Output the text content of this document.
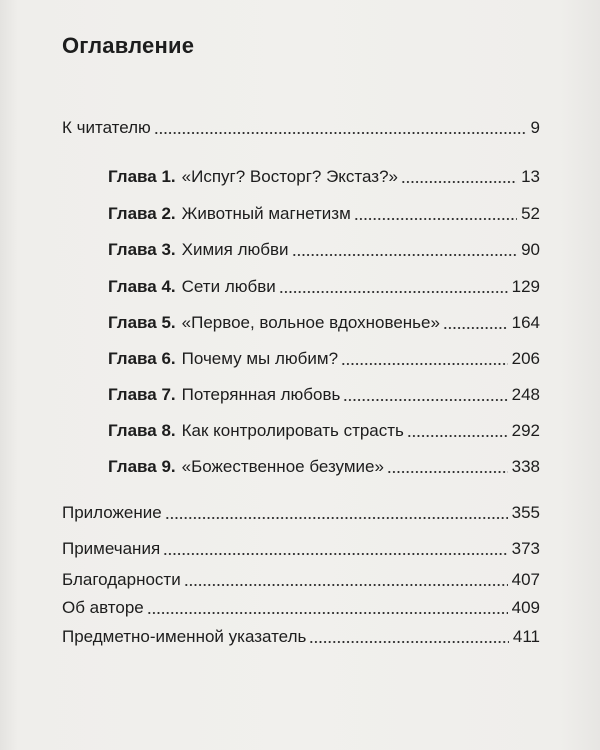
Оглавление
К читателю	9
Глава 1. «Испуг? Восторг? Экстаз?»	13
Глава 2. Животный магнетизм	52
Глава 3. Химия любви	90
Глава 4. Сети любви	129
Глава 5. «Первое, вольное вдохновенье»	164
Глава 6. Почему мы любим?	206
Глава 7. Потерянная любовь	248
Глава 8. Как контролировать страсть	292
Глава 9. «Божественное безумие»	338
Приложение	355
Примечания	373
Благодарности	407
Об авторе	409
Предметно-именной указатель	411
